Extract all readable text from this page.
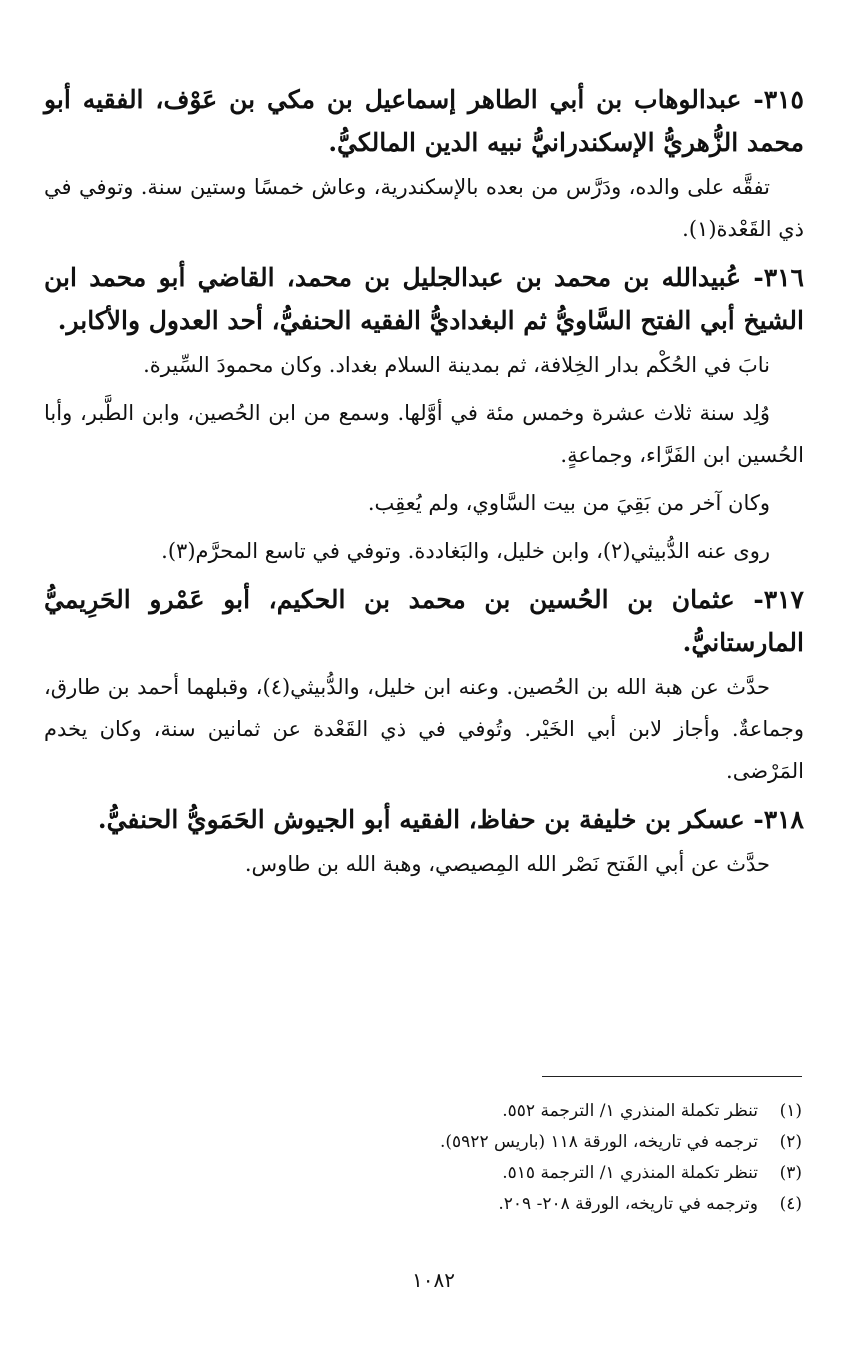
٣١٥- عبدالوهاب بن أبي الطاهر إسماعيل بن مكي بن عَوْف، الفقيه أبو محمد الزُّهريُّ الإسكندرانيُّ نبيه الدين المالكيُّ.

تفقَّه على والده، ودَرَّس من بعده بالإسكندرية، وعاش خمسًا وستين سنة. وتوفي في ذي القَعْدة(١).

٣١٦- عُبيدالله بن محمد بن عبدالجليل بن محمد، القاضي أبو محمد ابن الشيخ أبي الفتح السَّاويُّ ثم البغداديُّ الفقيه الحنفيُّ، أحد العدول والأكابر.

نابَ في الحُكْم بدار الخِلافة، ثم بمدينة السلام بغداد. وكان محمودَ السِّيرة.

وُلِد سنة ثلاث عشرة وخمس مئة في أوَّلها. وسمع من ابن الحُصين، وابن الطَّبر، وأبا الحُسين ابن الفَرَّاء، وجماعةٍ.

وكان آخر من بَقِيَ من بيت السَّاوي، ولم يُعقِب.

روى عنه الدُّبيثي(٢)، وابن خليل، والبَغاددة. وتوفي في تاسع المحرَّم(٣).

٣١٧- عثمان بن الحُسين بن محمد بن الحكيم، أبو عَمْرو الحَرِيميُّ المارستانيُّ.

حدَّث عن هبة الله بن الحُصين. وعنه ابن خليل، والدُّبيثي(٤)، وقبلهما أحمد بن طارق، وجماعةٌ. وأجاز لابن أبي الخَيْر. وتُوفي في ذي القَعْدة عن ثمانين سنة، وكان يخدم المَرْضى.

٣١٨- عسكر بن خليفة بن حفاظ، الفقيه أبو الجيوش الحَمَويُّ الحنفيُّ.

حدَّث عن أبي الفَتح نَصْر الله المِصيصي، وهبة الله بن طاوس.

(١)تنظر تكملة المنذري ١/ الترجمة ٥٥٢.
(٢)ترجمه في تاريخه، الورقة ١١٨ (باريس ٥٩٢٢).
(٣)تنظر تكملة المنذري ١/ الترجمة ٥١٥.
(٤)وترجمه في تاريخه، الورقة ٢٠٨- ٢٠٩.
١٠٨٢
